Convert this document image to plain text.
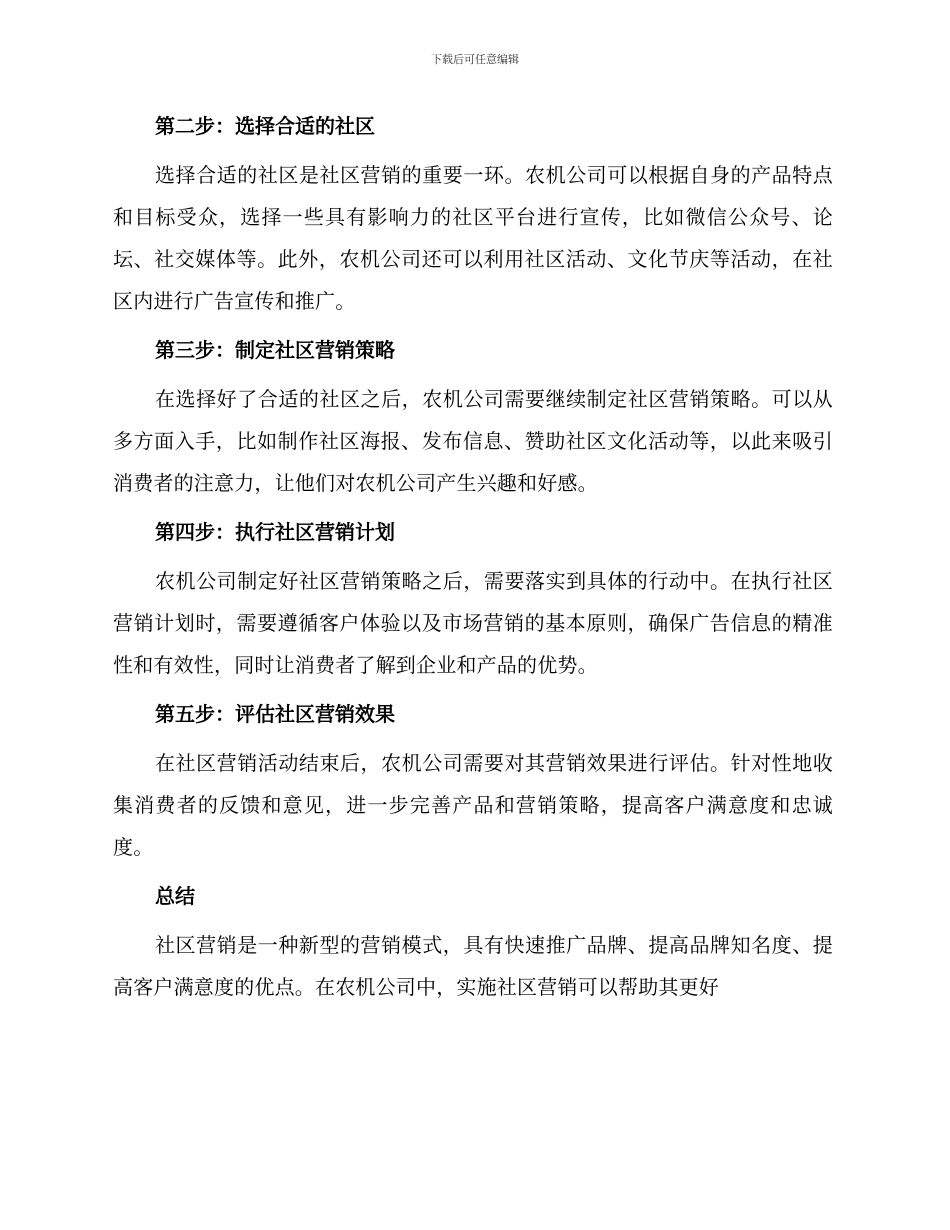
下载后可任意编辑
第二步：选择合适的社区

选择合适的社区是社区营销的重要一环。农机公司可以根据自身的产品特点和目标受众，选择一些具有影响力的社区平台进行宣传，比如微信公众号、论坛、社交媒体等。此外，农机公司还可以利用社区活动、文化节庆等活动，在社区内进行广告宣传和推广。

第三步：制定社区营销策略

在选择好了合适的社区之后，农机公司需要继续制定社区营销策略。可以从多方面入手，比如制作社区海报、发布信息、赞助社区文化活动等，以此来吸引消费者的注意力，让他们对农机公司产生兴趣和好感。

第四步：执行社区营销计划

农机公司制定好社区营销策略之后，需要落实到具体的行动中。在执行社区营销计划时，需要遵循客户体验以及市场营销的基本原则，确保广告信息的精准性和有效性，同时让消费者了解到企业和产品的优势。

第五步：评估社区营销效果

在社区营销活动结束后，农机公司需要对其营销效果进行评估。针对性地收集消费者的反馈和意见，进一步完善产品和营销策略，提高客户满意度和忠诚度。

总结

社区营销是一种新型的营销模式，具有快速推广品牌、提高品牌知名度、提高客户满意度的优点。在农机公司中，实施社区营销可以帮助其更好
